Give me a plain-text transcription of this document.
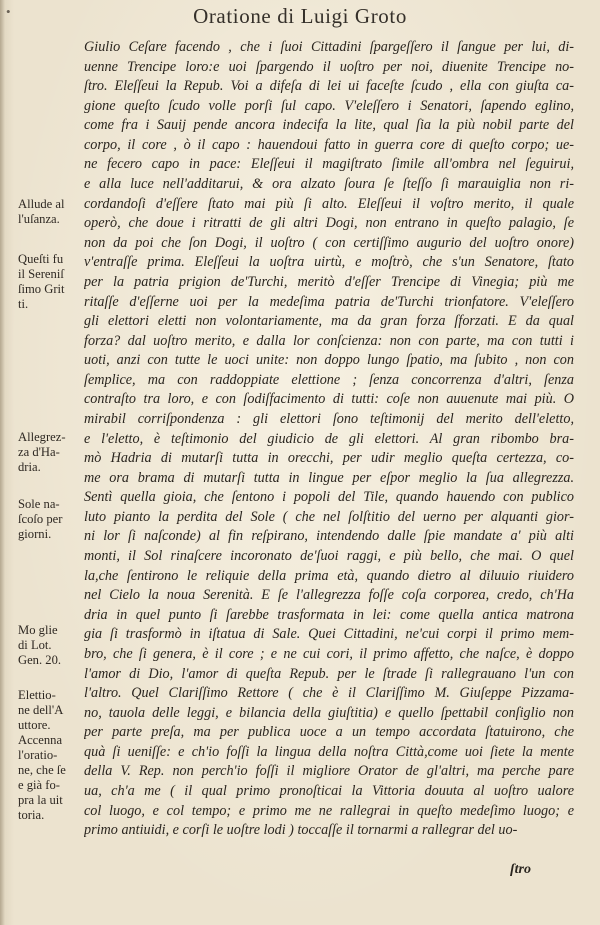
•	Oratione di Luigi Groto
Giulio Ceſare facendo , che i ſuoi Cittadini ſpargeſſero il ſangue per lui, di-
uenne Trencipe loro:e uoi ſpargendo il uoſtro per noi, diuenite Trencipe no-
ſtro. Eleſſeui la Repub. Voi a difeſa di lei ui faceſte ſcudo , ella con giuſta ca-
gione queſto ſcudo volle porſi ſul capo. V'eleſſero i Senatori, ſapendo eglino,
come fra i Sauij pende ancora indecifa la lite, qual ſia la più nobil parte del
corpo, il core , ò il capo : hauendoui fatto in guerra core di queſto corpo; ue-
ne fecero capo in pace: Eleſſeui il magiſtrato ſimile all'ombra nel ſeguirui,
e alla luce nell'additarui, & ora alzato ſoura ſe ſteſſo ſi marauiglia non ri-
cordandoſi d'eſſere ſtato mai più ſi alto. Eleſſeui il voſtro merito, il quale
operò, che doue i ritratti de gli altri Dogi, non entrano in queſto palagio, ſe
non da poi che ſon Dogi, il uoſtro ( con certiſſimo augurio del uoſtro onore)
v'entraſſe prima. Eleſſeui la uoſtra uirtù, e moſtrò, che s'un Senatore, ſtato
per la patria prigion de'Turchi, meritò d'eſſer Trencipe di Vinegia; più me
ritaſſe d'eſſerne uoi per la medeſima patria de'Turchi trionfatore. V'eleſſero
gli elettori eletti non volontariamente, ma da gran forza ſforzati. E da qual
forza? dal uoſtro merito, e dalla lor conſcienza: non con parte, ma con tutti i
uoti, anzi con tutte le uoci unite: non doppo lungo ſpatio, ma ſubito , non con
ſemplice, ma con raddoppiate elettione ; ſenza concorrenza d'altri, ſenza
contraſto tra loro, e con ſodiſfacimento di tutti: coſe non auuenute mai più. O
mirabil corriſpondenza : gli elettori ſono teſtimonij del merito dell'eletto,
e l'eletto, è teſtimonio del giudicio de gli elettori. Al gran ribombo bra-
mò Hadria di mutarſi tutta in orecchi, per udir meglio queſta certezza, co-
me ora brama di mutarſi tutta in lingue per eſpor meglio la ſua allegrezza.
Sentì quella gioia, che ſentono i popoli del Tile, quando hauendo con publico
luto pianto la perdita del Sole ( che nel ſolſtitio del uerno per alquanti gior-
ni lor ſi naſconde) al fin reſpirano, intendendo dalle ſpie mandate a' più alti
monti, il Sol rinaſcere incoronato de'ſuoi raggi, e più bello, che mai. O quel
la,che ſentirono le reliquie della prima età, quando dietro al diluuio riuidero
nel Cielo la noua Serenità. E ſe l'allegrezza foſſe coſa corporea, credo, ch'Ha
dria in quel punto ſi ſarebbe trasformata in lei: come quella antica matrona
gia ſi trasformò in iſtatua di Sale. Quei Cittadini, ne'cui corpi il primo mem-
bro, che ſi genera, è il core ; e ne cui cori, il primo affetto, che naſce, è doppo
l'amor di Dio, l'amor di queſta Repub. per le ſtrade ſi rallegrauano l'un con
l'altro. Quel Clariſſimo Rettore ( che è il Clariſſimo M. Giuſeppe Pizzama-
no, tauola delle leggi, e bilancia della giuſtitia) e quello ſpettabil conſiglio non
per parte preſa, ma per publica uoce a un tempo accordata ſtatuirono, che
quà ſi ueniſſe: e ch'io foſſi la lingua della noſtra Città,come uoi ſiete la mente
della V. Rep. non perch'io foſſi il migliore Orator de gl'altri, ma perche pare
ua, ch'a me ( il qual primo pronoſticai la Vittoria douuta al uoſtro ualore
col luogo, e col tempo; e primo me ne rallegrai in queſto medeſimo luogo; e
primo antiuidi, e corſi le uoſtre lodi ) toccaſſe il tornarmi a rallegrar del uo-
Allude al
l'uſanza.
Queſti fu
il Sereniſ
ſimo Grit
ti.
Allegrez-
za d'Ha-
dria.
Sole na-
ſcoſo per
giorni.
Mo glie
di Lot.
Gen. 20.
Elettio-
ne dell'A
uttore.
Accenna
l'oratio-
ne, che ſe
e già fo-
pra la uit
toria.
ſtro
